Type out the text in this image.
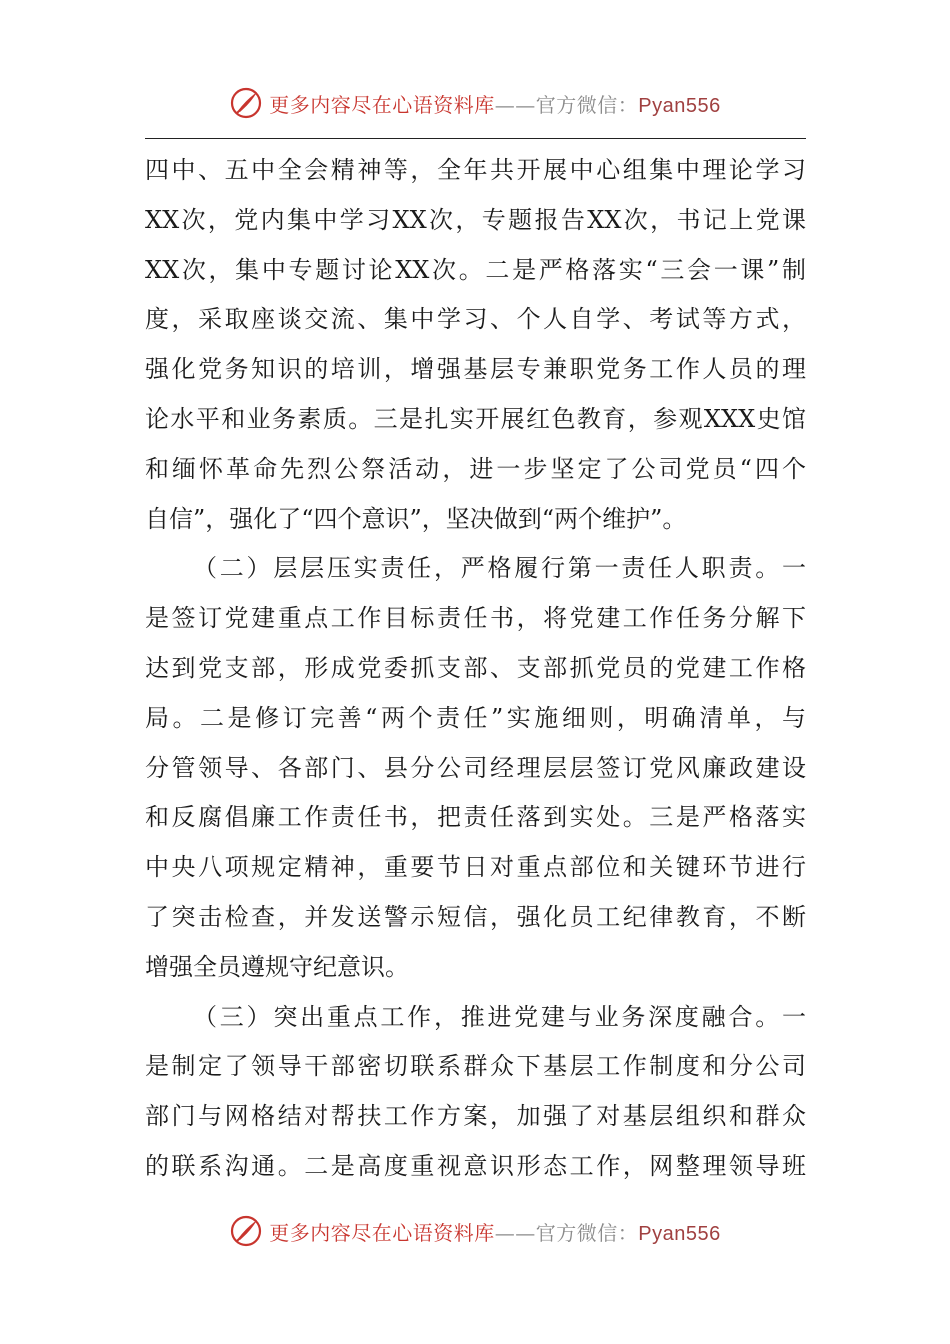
更多内容尽在心语资料库——官方微信：Pyan556
四中、五中全会精神等，全年共开展中心组集中理论学习
XX次，党内集中学习XX次，专题报告XX次，书记上党课
XX次，集中专题讨论XX次。二是严格落实“三会一课”制
度，采取座谈交流、集中学习、个人自学、考试等方式，
强化党务知识的培训，增强基层专兼职党务工作人员的理
论水平和业务素质。三是扎实开展红色教育，参观XXX史馆
和缅怀革命先烈公祭活动，进一步坚定了公司党员“四个
自信”，强化了“四个意识”，坚决做到“两个维护”。
（二）层层压实责任，严格履行第一责任人职责。一
是签订党建重点工作目标责任书，将党建工作任务分解下
达到党支部，形成党委抓支部、支部抓党员的党建工作格
局。二是修订完善“两个责任”实施细则，明确清单，与
分管领导、各部门、县分公司经理层层签订党风廉政建设
和反腐倡廉工作责任书，把责任落到实处。三是严格落实
中央八项规定精神，重要节日对重点部位和关键环节进行
了突击检查，并发送警示短信，强化员工纪律教育，不断
增强全员遵规守纪意识。
（三）突出重点工作，推进党建与业务深度融合。一
是制定了领导干部密切联系群众下基层工作制度和分公司
部门与网格结对帮扶工作方案，加强了对基层组织和群众
的联系沟通。二是高度重视意识形态工作，网整理领导班
更多内容尽在心语资料库——官方微信：Pyan556
